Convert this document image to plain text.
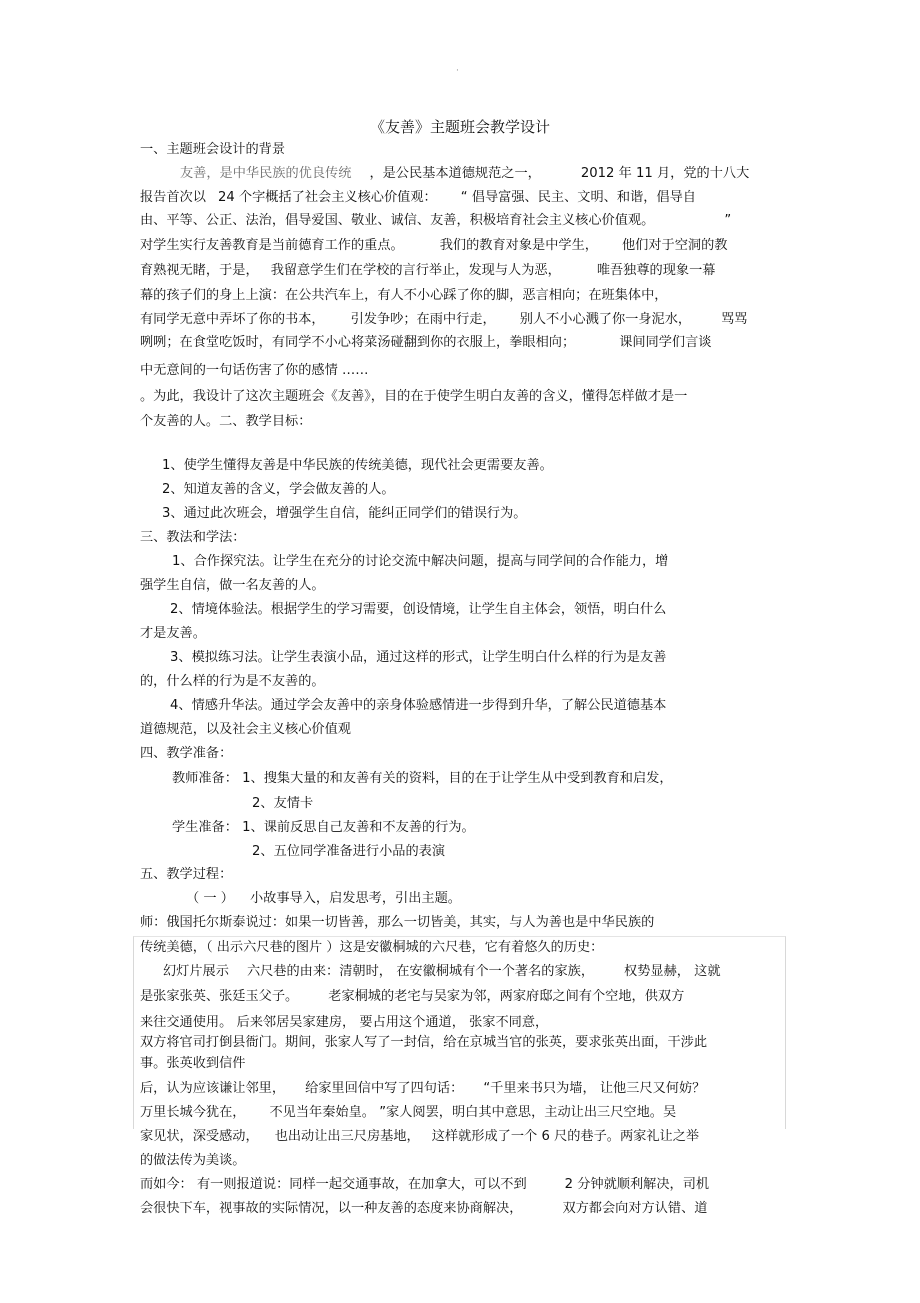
·
《友善》主题班会教学设计
一、主题班会设计的背景
友善，是中华民族的优良传统 ，是公民基本道德规范之一，	2012 年 11 月，党的十八大
报告首次以 24 个字概括了社会主义核心价值观： “ 倡导富强、民主、文明、和谐，倡导自
由、平等、公正、法治，倡导爱国、敬业、诚信、友善，积极培育社会主义核心价值观。	”
对学生实行友善教育是当前德育工作的重点。	我们的教育对象是中学生， 他们对于空洞的教
育熟视无睹，于是， 我留意学生们在学校的言行举止，发现与人为恶，	唯吾独尊的现象一幕
幕的孩子们的身上上演：在公共汽车上，有人不小心踩了你的脚，恶言相向；在班集体中，
有同学无意中弄坏了你的书本， 引发争吵；在雨中行走， 别人不小心溅了你一身泥水， 骂骂
咧咧；在食堂吃饭时，有同学不小心将菜汤碰翻到你的衣服上，拳眼相向；	课间同学们言谈
中无意间的一句话伤害了你的感情 ……
。为此，我设计了这次主题班会《友善》，目的在于使学生明白友善的含义，懂得怎样做才是一
个友善的人。二、教学目标：
1、使学生懂得友善是中华民族的传统美德，现代社会更需要友善。
2、知道友善的含义，学会做友善的人。
3、通过此次班会，增强学生自信，能纠正同学们的错误行为。
三、教法和学法：
1、合作探究法。让学生在充分的讨论交流中解决问题，提高与同学间的合作能力，增
强学生自信，做一名友善的人。
2、情境体验法。根据学生的学习需要，创设情境，让学生自主体会，领悟，明白什么
才是友善。
3、模拟练习法。让学生表演小品，通过这样的形式，让学生明白什么样的行为是友善
的，什么样的行为是不友善的。
4、情感升华法。通过学会友善中的亲身体验感情进一步得到升华，了解公民道德基本
道德规范，以及社会主义核心价值观
四、教学准备：
教师准备： 1、搜集大量的和友善有关的资料，目的在于让学生从中受到教育和启发，
2、友情卡
学生准备： 1、课前反思自己友善和不友善的行为。
2、五位同学准备进行小品的表演
五、教学过程：
（ 一 ） 小故事导入，启发思考，引出主题。
师：俄国托尔斯泰说过：如果一切皆善，那么一切皆美，其实，与人为善也是中华民族的
传统美德，（ 出示六尺巷的图片 ）这是安徽桐城的六尺巷，它有着悠久的历史：
幻灯片展示 六尺巷的由来：清朝时， 在安徽桐城有个一个著名的家族， 权势显赫， 这就
是张家张英、张廷玉父子。 老家桐城的老宅与吴家为邻，两家府邸之间有个空地，供双方
来往交通使用。 后来邻居吴家建房， 要占用这个通道， 张家不同意，
双方将官司打倒县衙门。期间，张家人写了一封信，给在京城当官的张英，要求张英出面，干涉此
事。张英收到信件
后，认为应该谦让邻里， 给家里回信中写了四句话： “千里来书只为墙， 让他三尺又何妨？
万里长城今犹在， 不见当年秦始皇。 ”家人阅罢，明白其中意思，主动让出三尺空地。吴
家见状，深受感动， 也出动让出三尺房基地， 这样就形成了一个 6 尺的巷子。两家礼让之举
的做法传为美谈。
而如今： 有一则报道说：同样一起交通事故，在加拿大，可以不到	2 分钟就顺利解决，司机
会很快下车，视事故的实际情况，以一种友善的态度来协商解决，	双方都会向对方认错、道
